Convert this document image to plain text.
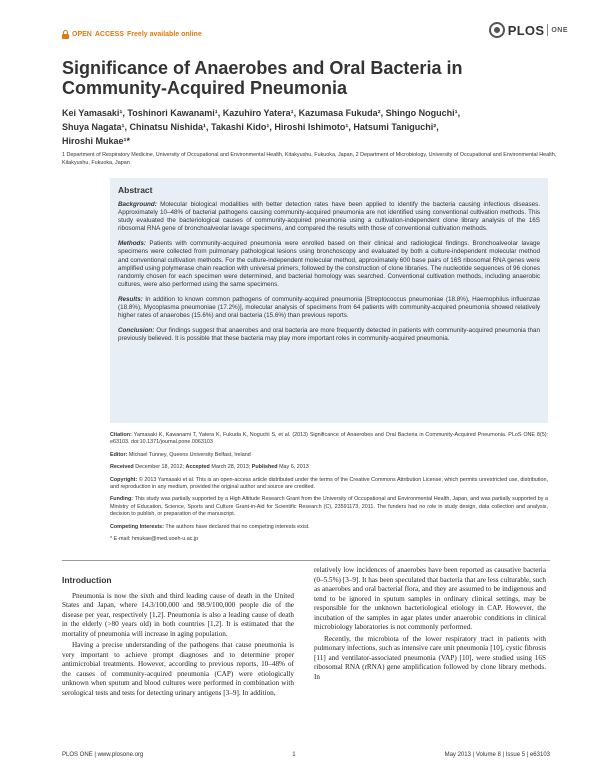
OPEN ACCESS Freely available online	PLOS ONE
Significance of Anaerobes and Oral Bacteria in Community-Acquired Pneumonia
Kei Yamasaki¹, Toshinori Kawanami¹, Kazuhiro Yatera¹, Kazumasa Fukuda², Shingo Noguchi¹,
Shuya Nagata¹, Chinatsu Nishida¹, Takashi Kido¹, Hiroshi Ishimoto¹, Hatsumi Taniguchi²,
Hiroshi Mukae¹*
1 Department of Respiratory Medicine, University of Occupational and Environmental Health, Kitakyushu, Fukuoka, Japan, 2 Department of Microbiology, University of Occupational and Environmental Health, Kitakyushu, Fukuoka, Japan
Abstract

Background: Molecular biological modalities with better detection rates have been applied to identify the bacteria causing infectious diseases. Approximately 10–48% of bacterial pathogens causing community-acquired pneumonia are not identified using conventional cultivation methods. This study evaluated the bacteriological causes of community-acquired pneumonia using a cultivation-independent clone library analysis of the 16S ribosomal RNA gene of bronchoalveolar lavage specimens, and compared the results with those of conventional cultivation methods.

Methods: Patients with community-acquired pneumonia were enrolled based on their clinical and radiological findings. Bronchoalveolar lavage specimens were collected from pulmonary pathological lesions using bronchoscopy and evaluated by both a culture-independent molecular method and conventional cultivation methods. For the culture-independent molecular method, approximately 600 base pairs of 16S ribosomal RNA genes were amplified using polymerase chain reaction with universal primers, followed by the construction of clone libraries. The nucleotide sequences of 96 clones randomly chosen for each specimen were determined, and bacterial homology was searched. Conventional cultivation methods, including anaerobic cultures, were also performed using the same specimens.

Results: In addition to known common pathogens of community-acquired pneumonia [Streptococcus pneumoniae (18.8%), Haemophilus influenzae (18.8%), Mycoplasma pneumoniae (17.2%)], molecular analysis of specimens from 64 patients with community-acquired pneumonia showed relatively higher rates of anaerobes (15.6%) and oral bacteria (15.6%) than previous reports.

Conclusion: Our findings suggest that anaerobes and oral bacteria are more frequently detected in patients with community-acquired pneumonia than previously believed. It is possible that these bacteria may play more important roles in community-acquired pneumonia.

Citation: Yamasaki K, Kawanami T, Yatera K, Fukuda K, Noguchi S, et al. (2013) Significance of Anaerobes and Oral Bacteria in Community-Acquired Pneumonia. PLoS ONE 8(5): e63103. doi:10.1371/journal.pone.0063103

Editor: Michael Tunney, Queens University Belfast, Ireland

Received December 18, 2012; Accepted March 28, 2013; Published May 6, 2013

Copyright: © 2013 Yamasaki et al. This is an open-access article distributed under the terms of the Creative Commons Attribution License, which permits unrestricted use, distribution, and reproduction in any medium, provided the original author and source are credited.

Funding: This study was partially supported by a High Altitude Research Grant from the University of Occupational and Environmental Health, Japan, and was partially supported by a Ministry of Education, Science, Sports and Culture Grant-in-Aid for Scientific Research (C), 23591173, 2011. The funders had no role in study design, data collection and analysis, decision to publish, or preparation of the manuscript.

Competing Interests: The authors have declared that no competing interests exist.

* E-mail: hmukae@med.uoeh-u.ac.jp

Introduction

Pneumonia is now the sixth and third leading cause of death in the United States and Japan, where 14.3/100,000 and 98.9/100,000 people die of the disease per year, respectively [1,2]. Pneumonia is also a leading cause of death in the elderly (>80 years old) in both countries [1,2]. It is estimated that the mortality of pneumonia will increase in aging population.

Having a precise understanding of the pathogens that cause pneumonia is very important to achieve prompt diagnoses and to determine proper antimicrobial treatments. However, according to previous reports, 10–48% of the causes of community-acquired pneumonia (CAP) were etiologically unknown when sputum and blood cultures were performed in combination with serological tests and tests for detecting urinary antigens [3–9]. In addition,

relatively low incidences of anaerobes have been reported as causative bacteria (0–5.5%) [3–9]. It has been speculated that bacteria that are less culturable, such as anaerobes and oral bacterial flora, and they are assumed to be indigenous and tend to be ignored in sputum samples in ordinary clinical settings, may be responsible for the unknown bacteriological etiology in CAP. However, the incubation of the samples in agar plates under anaerobic conditions in clinical microbiology laboratories is not commonly performed.

Recently, the microbiota of the lower respiratory tract in patients with pulmonary infections, such as intensive care unit pneumonia [10], cystic fibrosis [11] and ventilator-associated pneumonia (VAP) [10], were studied using 16S ribosomal RNA (rRNA) gene amplification followed by clone library methods. In

PLOS ONE | www.plosone.org	1	May 2013 | Volume 8 | Issue 5 | e63103
